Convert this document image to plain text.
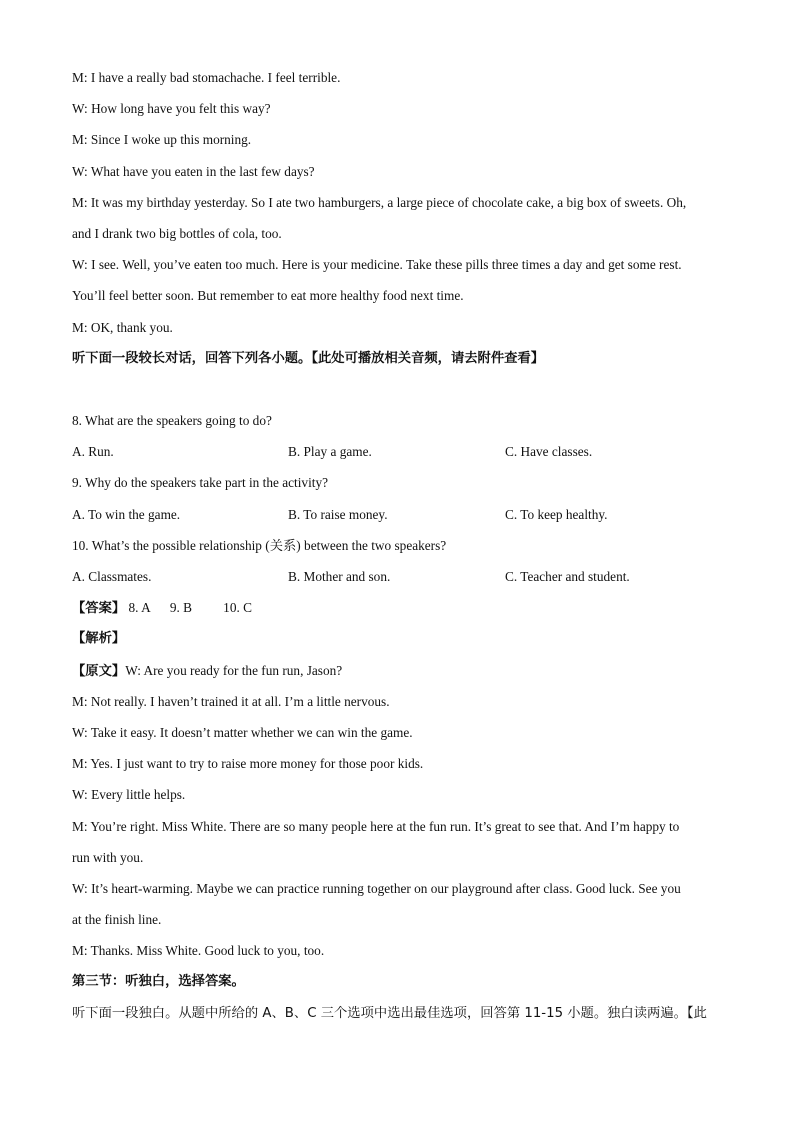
M: I have a really bad stomachache. I feel terrible.
W: How long have you felt this way?
M: Since I woke up this morning.
W: What have you eaten in the last few days?
M: It was my birthday yesterday. So I ate two hamburgers, a large piece of chocolate cake, a big box of sweets. Oh,
and I drank two big bottles of cola, too.
W: I see. Well, you’ve eaten too much. Here is your medicine. Take these pills three times a day and get some rest.
You’ll feel better soon. But remember to eat more healthy food next time.
M: OK, thank you.
听下面一段较长对话，回答下列各小题。【此处可播放相关音频，请去附件查看】
8. What are the speakers going to do?
A. Run.	B. Play a game.	C. Have classes.
9. Why do the speakers take part in the activity?
A. To win the game.	B. To raise money.	C. To keep healthy.
10. What’s the possible relationship (关系) between the two speakers?
A. Classmates.	B. Mother and son.	C. Teacher and student.
【答案】 8. A 9. B 10. C
【解析】
【原文】W: Are you ready for the fun run, Jason?
M: Not really. I haven’t trained it at all. I’m a little nervous.
W: Take it easy. It doesn’t matter whether we can win the game.
M: Yes. I just want to try to raise more money for those poor kids.
W: Every little helps.
M: You’re right. Miss White. There are so many people here at the fun run. It’s great to see that. And I’m happy to
run with you.
W: It’s heart-warming. Maybe we can practice running together on our playground after class. Good luck. See you
at the finish line.
M: Thanks. Miss White. Good luck to you, too.
第三节：听独白，选择答案。
听下面一段独白。从题中所给的 A、B、C 三个选项中选出最佳选项，回答第 11-15 小题。独白读两遍。【此
